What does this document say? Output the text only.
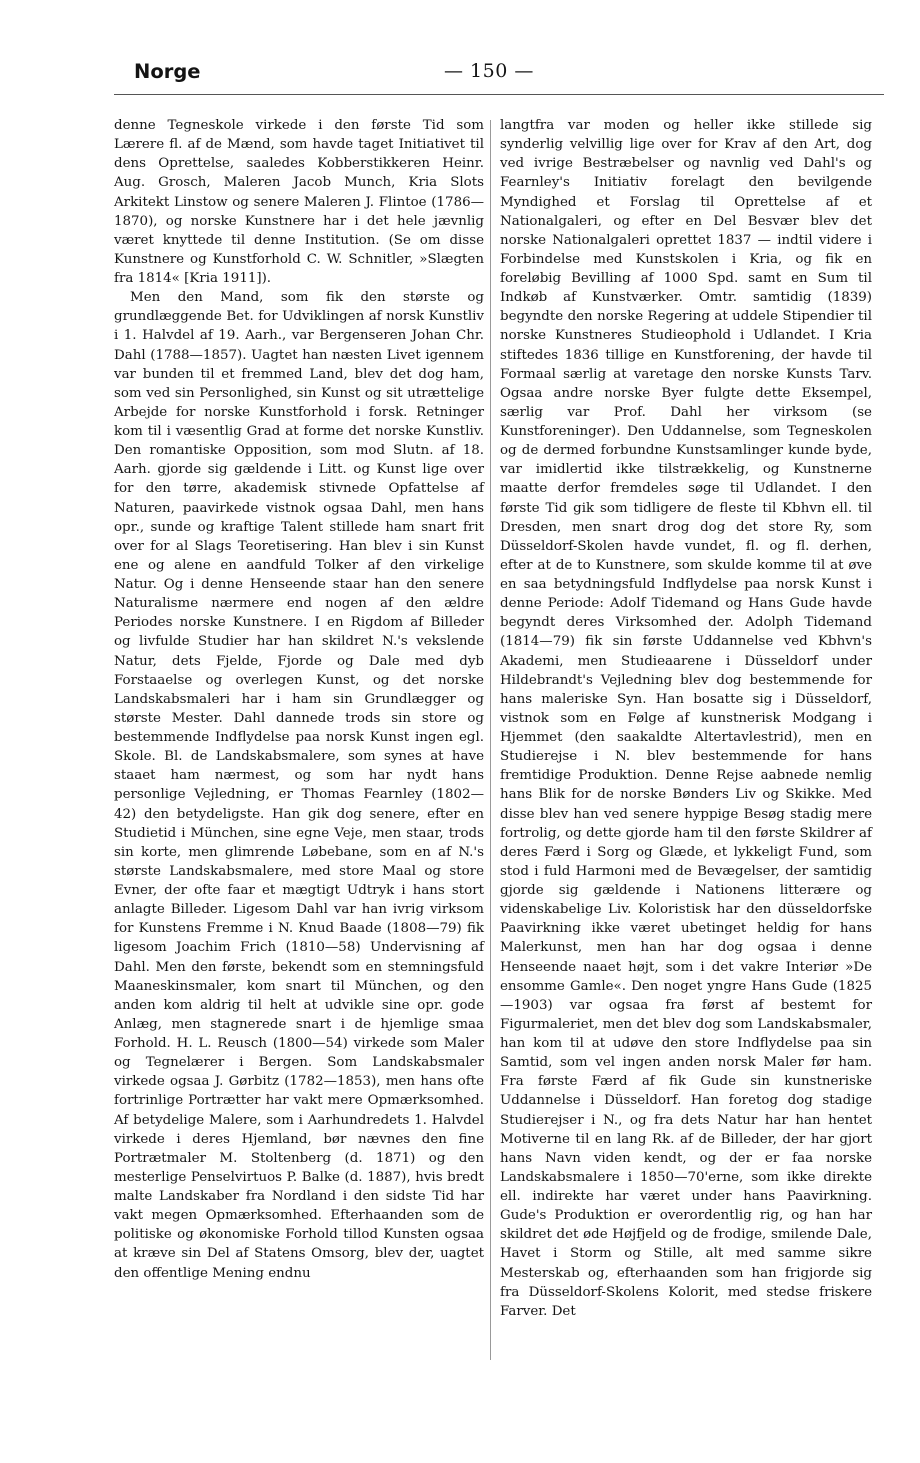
Norge	— 150 —

denne Tegneskole virkede i den første Tid som Lærere fl. af de Mænd, som havde taget Initiativet til dens Oprettelse, saaledes Kobberstikkeren Heinr. Aug. Grosch, Maleren Jacob Munch, Kria Slots Arkitekt Linstow og senere Maleren J. Flintoe (1786—1870), og norske Kunstnere har i det hele jævnlig været knyttede til denne Institution. (Se om disse Kunstnere og Kunstforhold C. W. Schnitler, »Slægten fra 1814« [Kria 1911]).

Men den Mand, som fik den største og grundlæggende Bet. for Udviklingen af norsk Kunstliv i 1. Halvdel af 19. Aarh., var Bergenseren Johan Chr. Dahl (1788—1857). Uagtet han næsten Livet igennem var bunden til et fremmed Land, blev det dog ham, som ved sin Personlighed, sin Kunst og sit utrættelige Arbejde for norske Kunstforhold i forsk. Retninger kom til i væsentlig Grad at forme det norske Kunstliv. Den romantiske Opposition, som mod Slutn. af 18. Aarh. gjorde sig gældende i Litt. og Kunst lige over for den tørre, akademisk stivnede Opfattelse af Naturen, paavirkede vistnok ogsaa Dahl, men hans opr., sunde og kraftige Talent stillede ham snart frit over for al Slags Teoretisering. Han blev i sin Kunst ene og alene en aandfuld Tolker af den virkelige Natur. Og i denne Henseende staar han den senere Naturalisme nærmere end nogen af den ældre Periodes norske Kunstnere. I en Rigdom af Billeder og livfulde Studier har han skildret N.'s vekslende Natur, dets Fjelde, Fjorde og Dale med dyb Forstaaelse og overlegen Kunst, og det norske Landskabsmaleri har i ham sin Grundlægger og største Mester. Dahl dannede trods sin store og bestemmende Indflydelse paa norsk Kunst ingen egl. Skole. Bl. de Landskabsmalere, som synes at have staaet ham nærmest, og som har nydt hans personlige Vejledning, er Thomas Fearnley (1802—42) den betydeligste. Han gik dog senere, efter en Studietid i München, sine egne Veje, men staar, trods sin korte, men glimrende Løbebane, som en af N.'s største Landskabsmalere, med store Maal og store Evner, der ofte faar et mægtigt Udtryk i hans stort anlagte Billeder. Ligesom Dahl var han ivrig virksom for Kunstens Fremme i N. Knud Baade (1808—79) fik ligesom Joachim Frich (1810—58) Undervisning af Dahl. Men den første, bekendt som en stemningsfuld Maaneskinsmaler, kom snart til München, og den anden kom aldrig til helt at udvikle sine opr. gode Anlæg, men stagnerede snart i de hjemlige smaa Forhold. H. L. Reusch (1800—54) virkede som Maler og Tegnelærer i Bergen. Som Landskabsmaler virkede ogsaa J. Gørbitz (1782—1853), men hans ofte fortrinlige Portrætter har vakt mere Opmærksomhed. Af betydelige Malere, som i Aarhundredets 1. Halvdel virkede i deres Hjemland, bør nævnes den fine Portrætmaler M. Stoltenberg (d. 1871) og den mesterlige Penselvirtuos P. Balke (d. 1887), hvis bredt malte Landskaber fra Nordland i den sidste Tid har vakt megen Opmærksomhed. Efterhaanden som de politiske og økonomiske Forhold tillod Kunsten ogsaa at kræve sin Del af Statens Omsorg, blev der, uagtet den offentlige Mening endnu

langtfra var moden og heller ikke stillede sig synderlig velvillig lige over for Krav af den Art, dog ved ivrige Bestræbelser og navnlig ved Dahl's og Fearnley's Initiativ forelagt den bevilgende Myndighed et Forslag til Oprettelse af et Nationalgaleri, og efter en Del Besvær blev det norske Nationalgaleri oprettet 1837 — indtil videre i Forbindelse med Kunstskolen i Kria, og fik en foreløbig Bevilling af 1000 Spd. samt en Sum til Indkøb af Kunstværker. Omtr. samtidig (1839) begyndte den norske Regering at uddele Stipendier til norske Kunstneres Studieophold i Udlandet. I Kria stiftedes 1836 tillige en Kunstforening, der havde til Formaal særlig at varetage den norske Kunsts Tarv. Ogsaa andre norske Byer fulgte dette Eksempel, særlig var Prof. Dahl her virksom (se Kunstforeninger). Den Uddannelse, som Tegneskolen og de dermed forbundne Kunstsamlinger kunde byde, var imidlertid ikke tilstrækkelig, og Kunstnerne maatte derfor fremdeles søge til Udlandet. I den første Tid gik som tidligere de fleste til Kbhvn ell. til Dresden, men snart drog dog det store Ry, som Düsseldorf-Skolen havde vundet, fl. og fl. derhen, efter at de to Kunstnere, som skulde komme til at øve en saa betydningsfuld Indflydelse paa norsk Kunst i denne Periode: Adolf Tidemand og Hans Gude havde begyndt deres Virksomhed der. Adolph Tidemand (1814—79) fik sin første Uddannelse ved Kbhvn's Akademi, men Studieaarene i Düsseldorf under Hildebrandt's Vejledning blev dog bestemmende for hans maleriske Syn. Han bosatte sig i Düsseldorf, vistnok som en Følge af kunstnerisk Modgang i Hjemmet (den saakaldte Altertavlestrid), men en Studierejse i N. blev bestemmende for hans fremtidige Produktion. Denne Rejse aabnede nemlig hans Blik for de norske Bønders Liv og Skikke. Med disse blev han ved senere hyppige Besøg stadig mere fortrolig, og dette gjorde ham til den første Skildrer af deres Færd i Sorg og Glæde, et lykkeligt Fund, som stod i fuld Harmoni med de Bevægelser, der samtidig gjorde sig gældende i Nationens litterære og videnskabelige Liv. Koloristisk har den düsseldorfske Paavirkning ikke været ubetinget heldig for hans Malerkunst, men han har dog ogsaa i denne Henseende naaet højt, som i det vakre Interiør »De ensomme Gamle«. Den noget yngre Hans Gude (1825—1903) var ogsaa fra først af bestemt for Figurmaleriet, men det blev dog som Landskabsmaler, han kom til at udøve den store Indflydelse paa sin Samtid, som vel ingen anden norsk Maler før ham. Fra første Færd af fik Gude sin kunstneriske Uddannelse i Düsseldorf. Han foretog dog stadige Studierejser i N., og fra dets Natur har han hentet Motiverne til en lang Rk. af de Billeder, der har gjort hans Navn viden kendt, og der er faa norske Landskabsmalere i 1850—70'erne, som ikke direkte ell. indirekte har været under hans Paavirkning. Gude's Produktion er overordentlig rig, og han har skildret det øde Højfjeld og de frodige, smilende Dale, Havet i Storm og Stille, alt med samme sikre Mesterskab og, efterhaanden som han frigjorde sig fra Düsseldorf-Skolens Kolorit, med stedse friskere Farver. Det
